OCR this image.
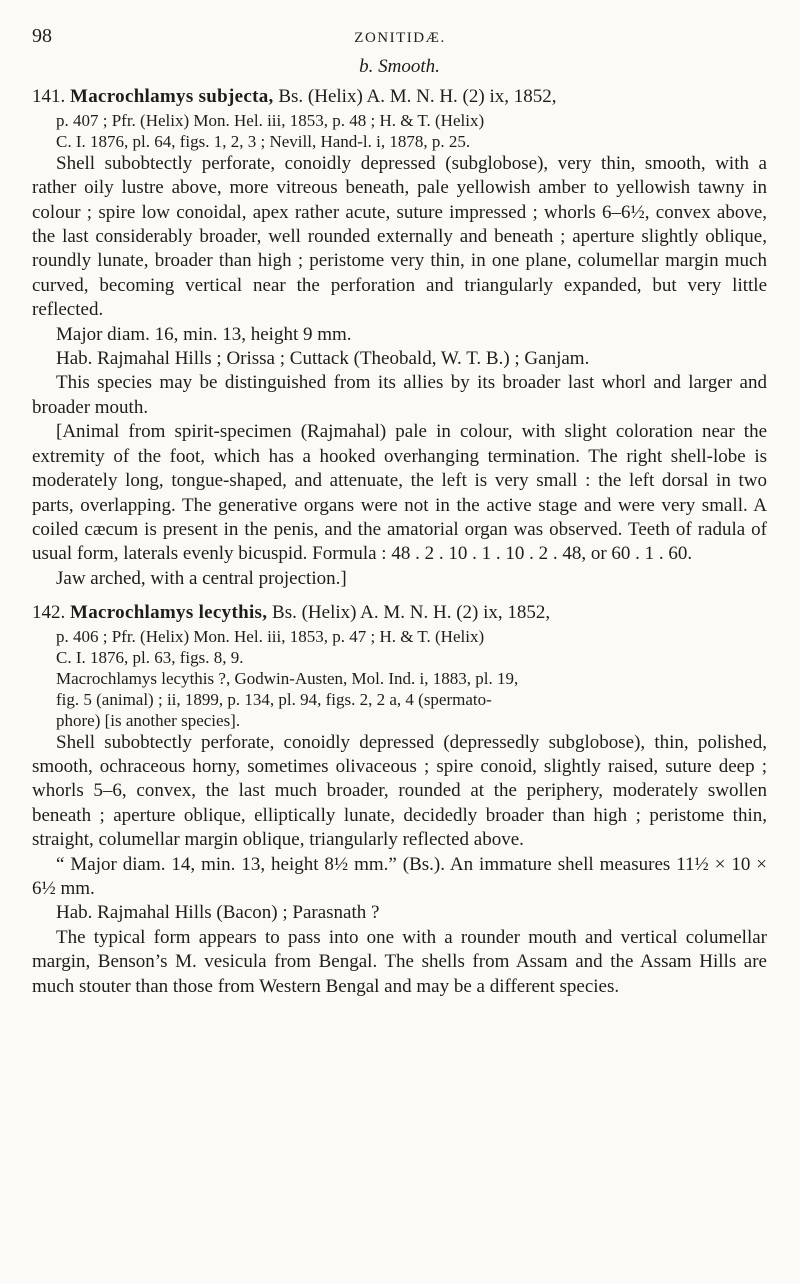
98	ZONITIDÆ.
b. Smooth.
141. Macrochlamys subjecta, Bs. (Helix) A. M. N. H. (2) ix, 1852,
p. 407 ; Pfr. (Helix) Mon. Hel. iii, 1853, p. 48 ; H. & T. (Helix)
C. I. 1876, pl. 64, figs. 1, 2, 3 ; Nevill, Hand-l. i, 1878, p. 25.

Shell subobtectly perforate, conoidly depressed (subglobose), very thin, smooth, with a rather oily lustre above, more vitreous beneath, pale yellowish amber to yellowish tawny in colour ; spire low conoidal, apex rather acute, suture impressed ; whorls 6–6½, convex above, the last considerably broader, well rounded externally and beneath ; aperture slightly oblique, roundly lunate, broader than high ; peristome very thin, in one plane, columellar margin much curved, becoming vertical near the perforation and triangularly expanded, but very little reflected.

Major diam. 16, min. 13, height 9 mm.

Hab. Rajmahal Hills ; Orissa ; Cuttack (Theobald, W. T. B.) ; Ganjam.

This species may be distinguished from its allies by its broader last whorl and larger and broader mouth.

[Animal from spirit-specimen (Rajmahal) pale in colour, with slight coloration near the extremity of the foot, which has a hooked overhanging termination. The right shell-lobe is moderately long, tongue-shaped, and attenuate, the left is very small : the left dorsal in two parts, overlapping. The generative organs were not in the active stage and were very small. A coiled cæcum is present in the penis, and the amatorial organ was observed. Teeth of radula of usual form, laterals evenly bicuspid. Formula : 48 . 2 . 10 . 1 . 10 . 2 . 48, or 60 . 1 . 60.

Jaw arched, with a central projection.]

142. Macrochlamys lecythis, Bs. (Helix) A. M. N. H. (2) ix, 1852,
p. 406 ; Pfr. (Helix) Mon. Hel. iii, 1853, p. 47 ; H. & T. (Helix)
C. I. 1876, pl. 63, figs. 8, 9.
Macrochlamys lecythis ?, Godwin-Austen, Mol. Ind. i, 1883, pl. 19,
fig. 5 (animal) ; ii, 1899, p. 134, pl. 94, figs. 2, 2 a, 4 (spermato-
phore) [is another species].

Shell subobtectly perforate, conoidly depressed (depressedly subglobose), thin, polished, smooth, ochraceous horny, sometimes olivaceous ; spire conoid, slightly raised, suture deep ; whorls 5–6, convex, the last much broader, rounded at the periphery, moderately swollen beneath ; aperture oblique, elliptically lunate, decidedly broader than high ; peristome thin, straight, columellar margin oblique, triangularly reflected above.

“ Major diam. 14, min. 13, height 8½ mm.” (Bs.). An immature shell measures 11½ × 10 × 6½ mm.

Hab. Rajmahal Hills (Bacon) ; Parasnath ?

The typical form appears to pass into one with a rounder mouth and vertical columellar margin, Benson’s M. vesicula from Bengal. The shells from Assam and the Assam Hills are much stouter than those from Western Bengal and may be a different species.
